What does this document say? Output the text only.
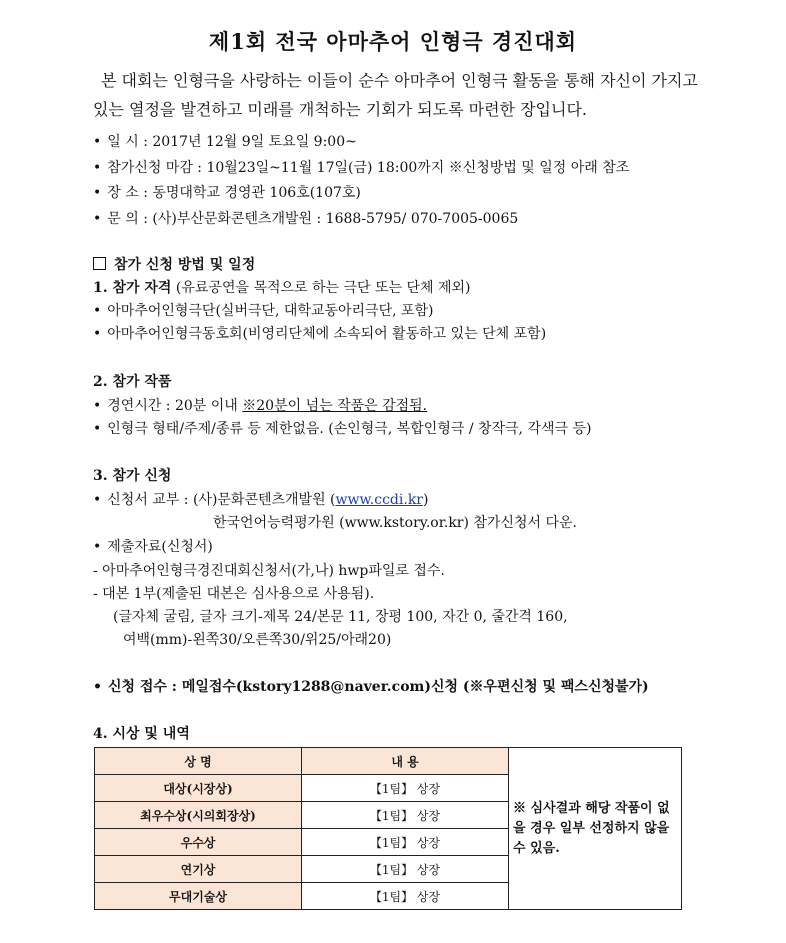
제1회 전국 아마추어 인형극 경진대회
본 대회는 인형극을 사랑하는 이들이 순수 아마추어 인형극 활동을 통해 자신이 가지고 있는 열정을 발견하고 미래를 개척하는 기회가 되도록 마련한 장입니다.
• 일 시 : 2017년 12월 9일 토요일 9:00~
• 참가신청 마감 : 10월23일~11월 17일(금) 18:00까지 ※신청방법 및 일정 아래 참조
• 장 소 : 동명대학교 경영관 106호(107호)
• 문 의 : (사)부산문화콘텐츠개발원 : 1688-5795/ 070-7005-0065
참가 신청 방법 및 일정
1. 참가 자격 (유료공연을 목적으로 하는 극단 또는 단체 제외)
• 아마추어인형극단(실버극단, 대학교동아리극단, 포함)
• 아마추어인형극동호회(비영리단체에 소속되어 활동하고 있는 단체 포함)
2. 참가 작품
• 경연시간 : 20분 이내 ※20분이 넘는 작품은 감점됨.
• 인형극 형태/주제/종류 등 제한없음. (손인형극, 복합인형극 / 창작극, 각색극 등)
3. 참가 신청
• 신청서 교부 : (사)문화콘텐츠개발원 (www.ccdi.kr)
한국언어능력평가원 (www.kstory.or.kr) 참가신청서 다운.
• 제출자료(신청서)
- 아마추어인형극경진대회신청서(가,나) hwp파일로 접수.
- 대본 1부(제출된 대본은 심사용으로 사용됨).
(글자체 굴림, 글자 크기-제목 24/본문 11, 장평 100, 자간 0, 줄간격 160,
여백(mm)-왼쪽30/오른쪽30/위25/아래20)
• 신청 접수 : 메일접수(kstory1288@naver.com)신청 (※우편신청 및 팩스신청불가)
4. 시상 및 내역
상 명	내 용	※ 심사결과 해당 작품이 없을 경우 일부 선정하지 않을 수 있음.
대상(시장상)	【1팀】 상장	
최우수상(시의회장상)	【1팀】 상장	
우수상	【1팀】 상장	
연기상	【1팀】 상장	
무대기술상	【1팀】 상장	
